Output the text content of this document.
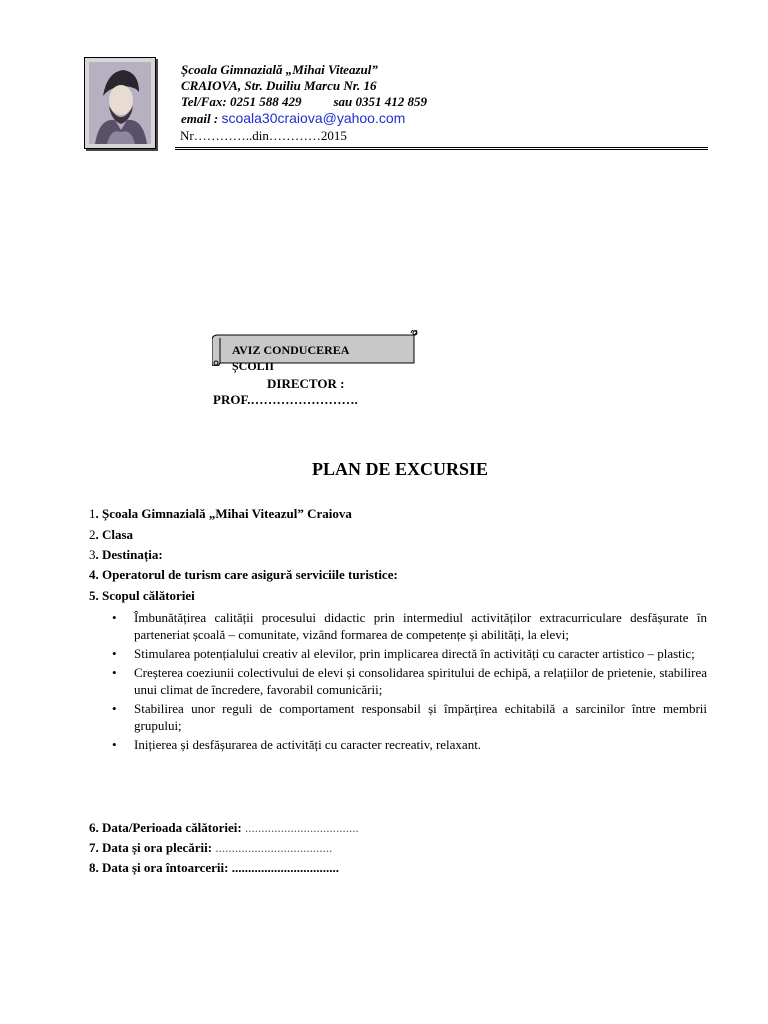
Școala Gimnazială „Mihai Viteazul”
CRAIOVA, Str. Duiliu Marcu Nr. 16
Tel/Fax: 0251 588 429 sau 0351 412 859
email : scoala30craiova@yahoo.com
Nr…………..din…………2015
AVIZ CONDUCEREA ȘCOLII
DIRECTOR :
PROF.…………………….
PLAN DE EXCURSIE
1. Școala Gimnazială „Mihai Viteazul” Craiova
2. Clasa
3. Destinația:
4. Operatorul de turism care asigură serviciile turistice:
5. Scopul călătoriei
• Îmbunătățirea calității procesului didactic prin intermediul activităților extracurriculare desfășurate în parteneriat școală – comunitate, vizând formarea de competențe și abilități, la elevi;
• Stimularea potențialului creativ al elevilor, prin implicarea directă în activități cu caracter artistico – plastic;
• Creșterea coeziunii colectivului de elevi și consolidarea spiritului de echipă, a relațiilor de prietenie, stabilirea unui climat de încredere, favorabil comunicării;
• Stabilirea unor reguli de comportament responsabil și împărțirea echitabilă a sarcinilor între membrii grupului;
• Inițierea și desfășurarea de activități cu caracter recreativ, relaxant.
6. Data/Perioada călătoriei: ...................................
7. Data și ora plecării: ....................................
8. Data și ora întoarcerii: .................................
